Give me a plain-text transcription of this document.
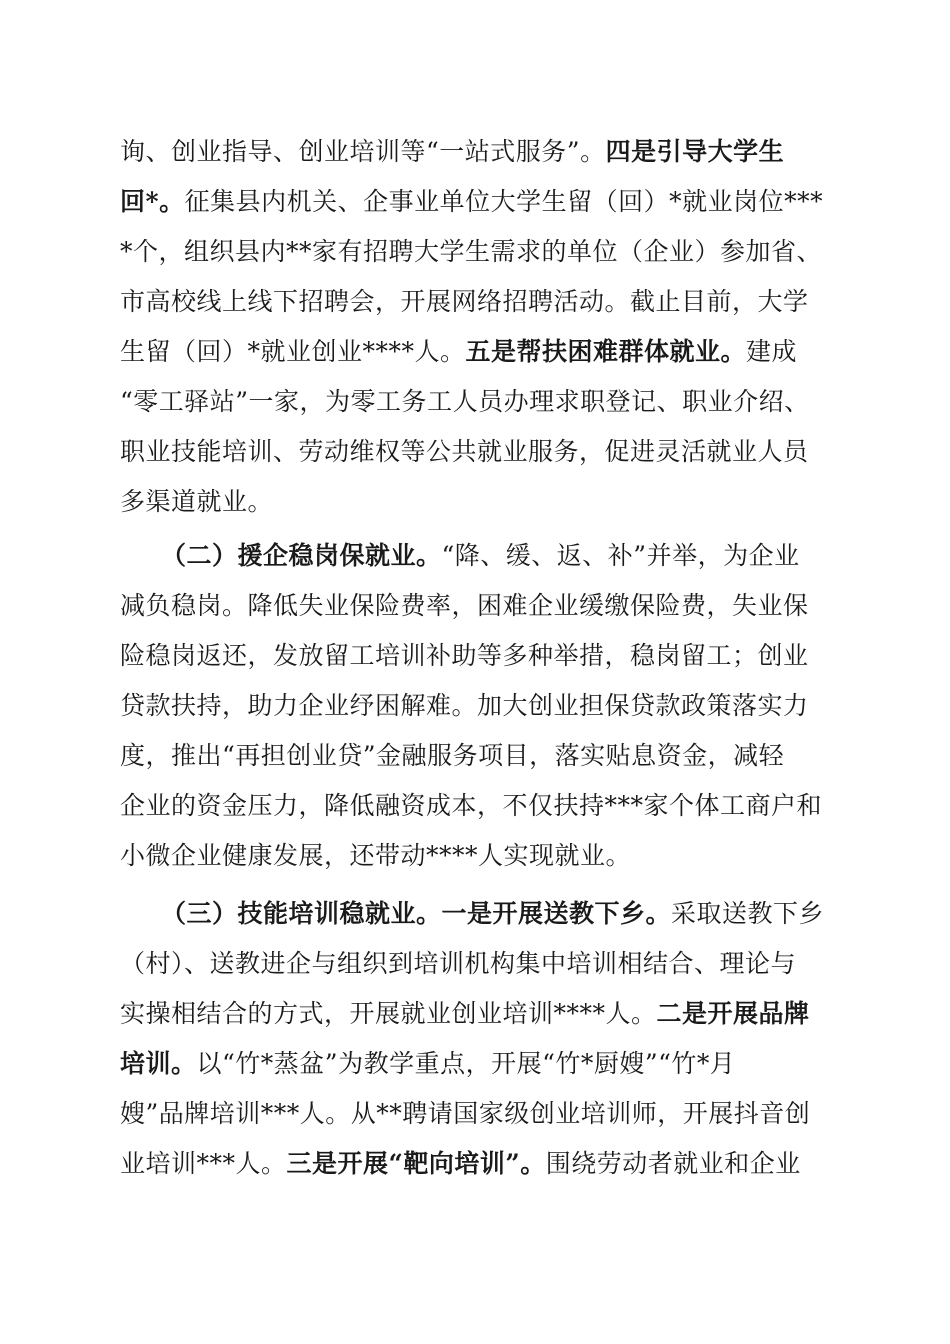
询、创业指导、创业培训等“一站式服务”。四是引导大学生
回*。征集县内机关、企事业单位大学生留（回）*就业岗位***
*个，组织县内**家有招聘大学生需求的单位（企业）参加省、
市高校线上线下招聘会，开展网络招聘活动。截止目前，大学
生留（回）*就业创业****人。五是帮扶困难群体就业。建成
“零工驿站”一家，为零工务工人员办理求职登记、职业介绍、
职业技能培训、劳动维权等公共就业服务，促进灵活就业人员
多渠道就业。
（二）援企稳岗保就业。“降、缓、返、补”并举，为企业
减负稳岗。降低失业保险费率，困难企业缓缴保险费，失业保
险稳岗返还，发放留工培训补助等多种举措，稳岗留工；创业
贷款扶持，助力企业纾困解难。加大创业担保贷款政策落实力
度，推出“再担创业贷”金融服务项目，落实贴息资金，减轻
企业的资金压力，降低融资成本，不仅扶持***家个体工商户和
小微企业健康发展，还带动****人实现就业。
（三）技能培训稳就业。一是开展送教下乡。采取送教下乡
（村）、送教进企与组织到培训机构集中培训相结合、理论与
实操相结合的方式，开展就业创业培训****人。二是开展品牌
培训。以“竹*蒸盆”为教学重点，开展“竹*厨嫂”“竹*月
嫂”品牌培训***人。从**聘请国家级创业培训师，开展抖音创
业培训***人。三是开展“靶向培训”。围绕劳动者就业和企业
